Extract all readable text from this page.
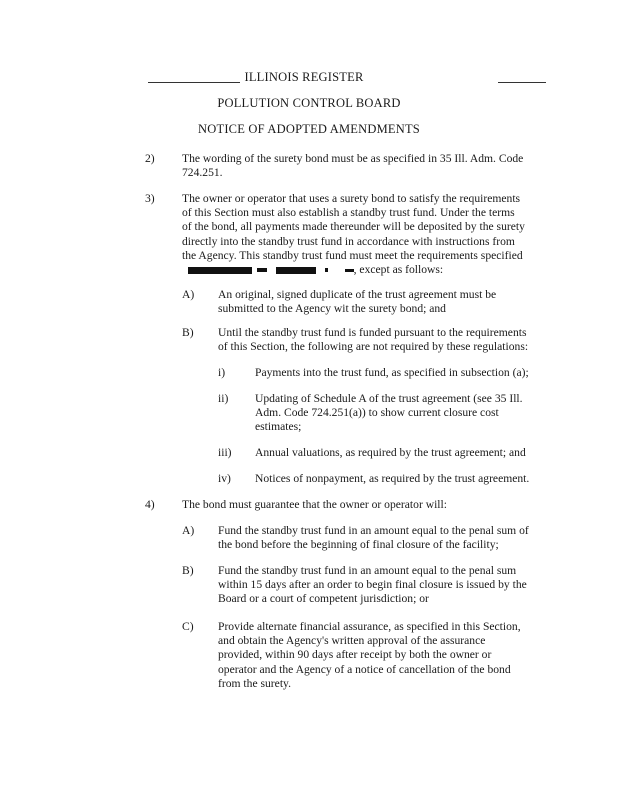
ILLINOIS REGISTER
POLLUTION CONTROL BOARD
NOTICE OF ADOPTED AMENDMENTS
2) The wording of the surety bond must be as specified in 35 Ill. Adm. Code
724.251.
3) The owner or operator that uses a surety bond to satisfy the requirements
of this Section must also establish a standby trust fund. Under the terms
of the bond, all payments made thereunder will be deposited by the surety
directly into the standby trust fund in accordance with instructions from
the Agency. This standby trust fund must meet the requirements specified
, except as follows:
A) An original, signed duplicate of the trust agreement must be
submitted to the Agency wit the surety bond; and
B) Until the standby trust fund is funded pursuant to the requirements
of this Section, the following are not required by these regulations:
i)	Payments into the trust fund, as specified in subsection (a);
ii) Updating of Schedule A of the trust agreement (see 35 Ill.
Adm. Code 724.251(a)) to show current closure cost
estimates;
iii) Annual valuations, as required by the trust agreement; and
iv) Notices of nonpayment, as required by the trust agreement.
4) The bond must guarantee that the owner or operator will:
A) Fund the standby trust fund in an amount equal to the penal sum of
the bond before the beginning of final closure of the facility;
B) Fund the standby trust fund in an amount equal to the penal sum
within 15 days after an order to begin final closure is issued by the
Board or a court of competent jurisdiction; or
C) Provide alternate financial assurance, as specified in this Section,
and obtain the Agency's written approval of the assurance
provided, within 90 days after receipt by both the owner or
operator and the Agency of a notice of cancellation of the bond
from the surety.
